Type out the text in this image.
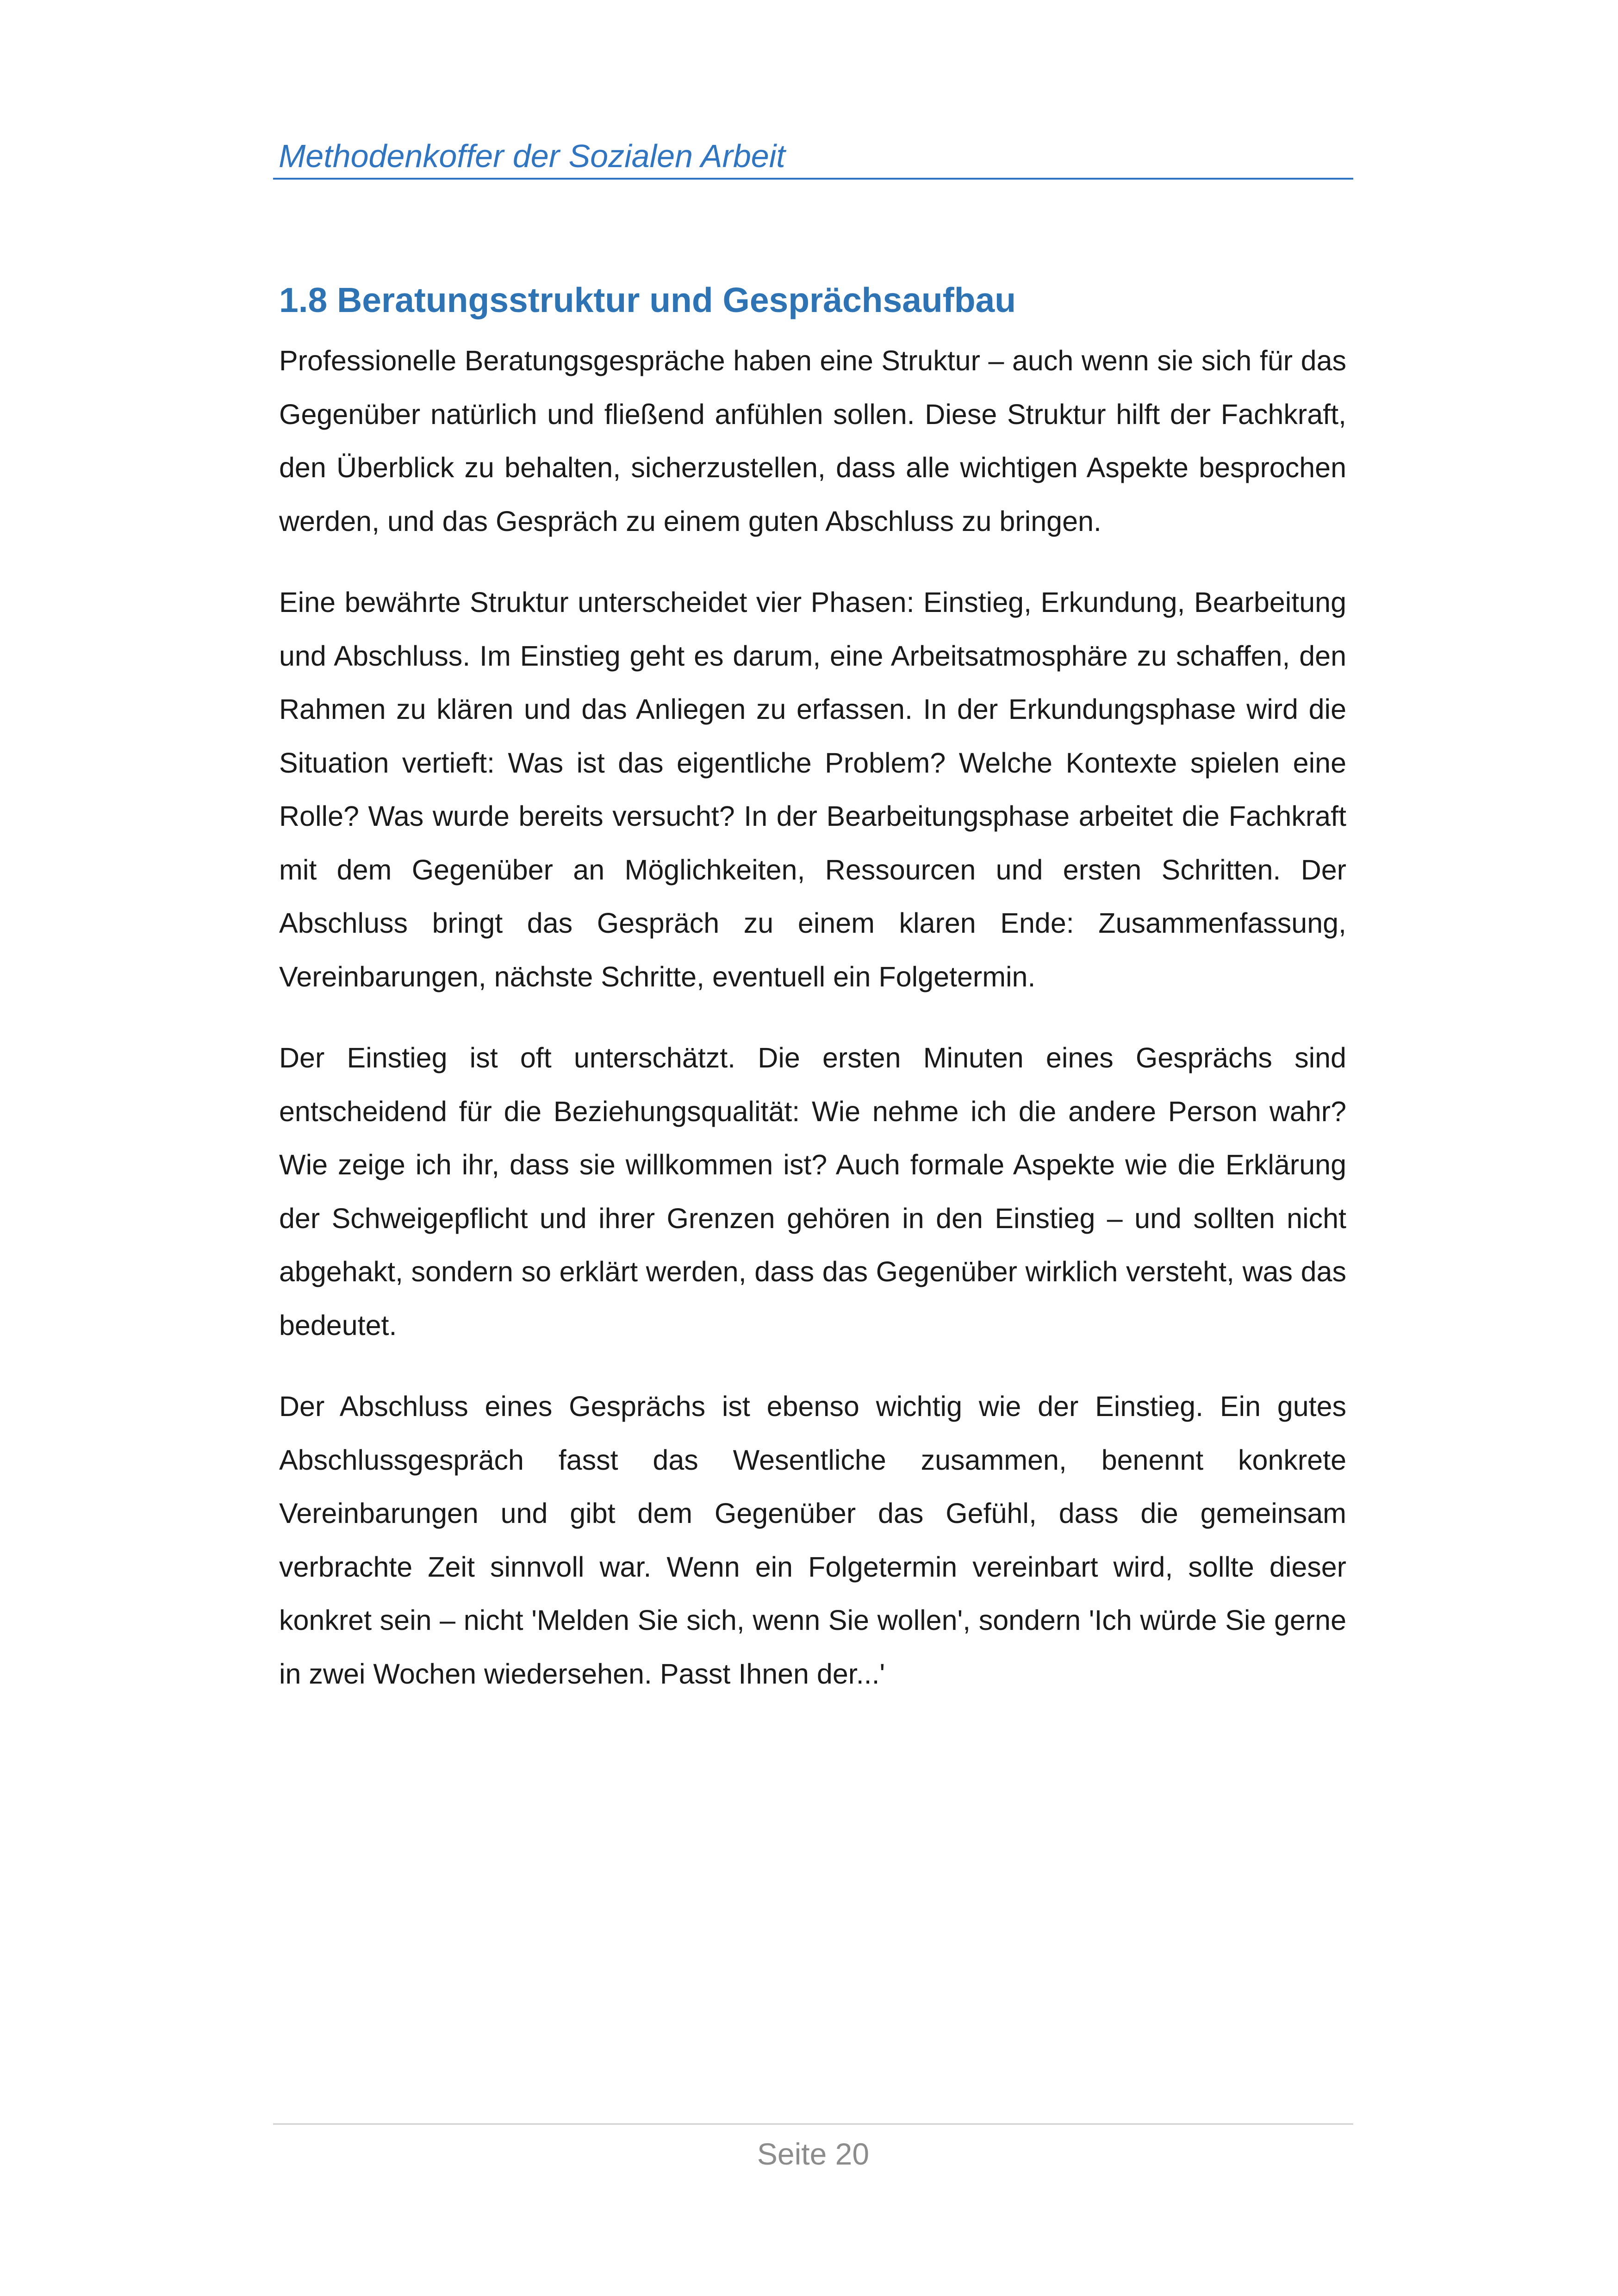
Methodenkoffer der Sozialen Arbeit
1.8 Beratungsstruktur und Gesprächsaufbau

Professionelle Beratungsgespräche haben eine Struktur – auch wenn sie sich für das Gegenüber natürlich und fließend anfühlen sollen. Diese Struktur hilft der Fachkraft, den Überblick zu behalten, sicherzustellen, dass alle wichtigen Aspekte besprochen werden, und das Gespräch zu einem guten Abschluss zu bringen.

Eine bewährte Struktur unterscheidet vier Phasen: Einstieg, Erkundung, Bearbeitung und Abschluss. Im Einstieg geht es darum, eine Arbeitsatmosphäre zu schaffen, den Rahmen zu klären und das Anliegen zu erfassen. In der Erkundungsphase wird die Situation vertieft: Was ist das eigentliche Problem? Welche Kontexte spielen eine Rolle? Was wurde bereits versucht? In der Bearbeitungsphase arbeitet die Fachkraft mit dem Gegenüber an Möglichkeiten, Ressourcen und ersten Schritten. Der Abschluss bringt das Gespräch zu einem klaren Ende: Zusammenfassung, Vereinbarungen, nächste Schritte, eventuell ein Folgetermin.

Der Einstieg ist oft unterschätzt. Die ersten Minuten eines Gesprächs sind entscheidend für die Beziehungsqualität: Wie nehme ich die andere Person wahr? Wie zeige ich ihr, dass sie willkommen ist? Auch formale Aspekte wie die Erklärung der Schweigepflicht und ihrer Grenzen gehören in den Einstieg – und sollten nicht abgehakt, sondern so erklärt werden, dass das Gegenüber wirklich versteht, was das bedeutet.

Der Abschluss eines Gesprächs ist ebenso wichtig wie der Einstieg. Ein gutes Abschlussgespräch fasst das Wesentliche zusammen, benennt konkrete Vereinbarungen und gibt dem Gegenüber das Gefühl, dass die gemeinsam verbrachte Zeit sinnvoll war. Wenn ein Folgetermin vereinbart wird, sollte dieser konkret sein – nicht 'Melden Sie sich, wenn Sie wollen', sondern 'Ich würde Sie gerne in zwei Wochen wiedersehen. Passt Ihnen der...'

Seite 20
